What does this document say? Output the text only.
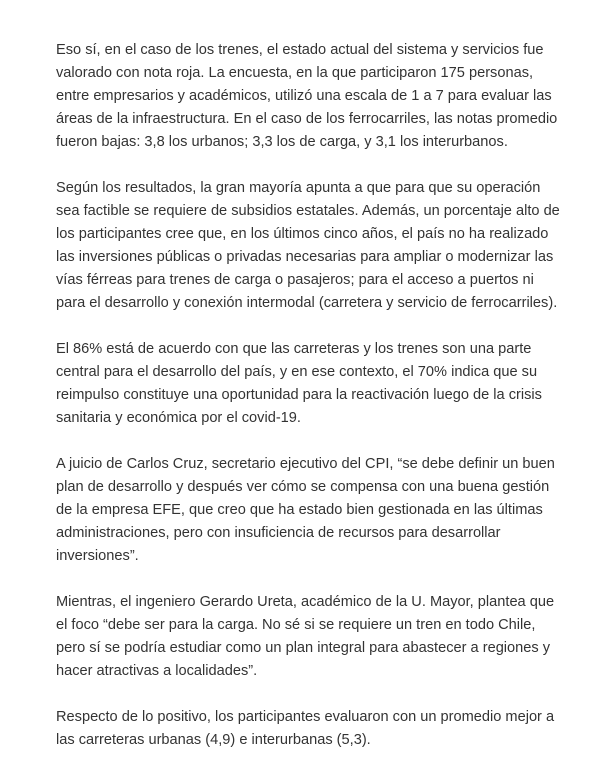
Eso sí, en el caso de los trenes, el estado actual del sistema y servicios fue valorado con nota roja. La encuesta, en la que participaron 175 personas, entre empresarios y académicos, utilizó una escala de 1 a 7 para evaluar las áreas de la infraestructura. En el caso de los ferrocarriles, las notas promedio fueron bajas: 3,8 los urbanos; 3,3 los de carga, y 3,1 los interurbanos.

Según los resultados, la gran mayoría apunta a que para que su operación sea factible se requiere de subsidios estatales. Además, un porcentaje alto de los participantes cree que, en los últimos cinco años, el país no ha realizado las inversiones públicas o privadas necesarias para ampliar o modernizar las vías férreas para trenes de carga o pasajeros; para el acceso a puertos ni para el desarrollo y conexión intermodal (carretera y servicio de ferrocarriles).

El 86% está de acuerdo con que las carreteras y los trenes son una parte central para el desarrollo del país, y en ese contexto, el 70% indica que su reimpulso constituye una oportunidad para la reactivación luego de la crisis sanitaria y económica por el covid-19.

A juicio de Carlos Cruz, secretario ejecutivo del CPI, “se debe definir un buen plan de desarrollo y después ver cómo se compensa con una buena gestión de la empresa EFE, que creo que ha estado bien gestionada en las últimas administraciones, pero con insuficiencia de recursos para desarrollar inversiones”.

Mientras, el ingeniero Gerardo Ureta, académico de la U. Mayor, plantea que el foco “debe ser para la carga. No sé si se requiere un tren en todo Chile, pero sí se podría estudiar como un plan integral para abastecer a regiones y hacer atractivas a localidades”.

Respecto de lo positivo, los participantes evaluaron con un promedio mejor a las carreteras urbanas (4,9) e interurbanas (5,3).
